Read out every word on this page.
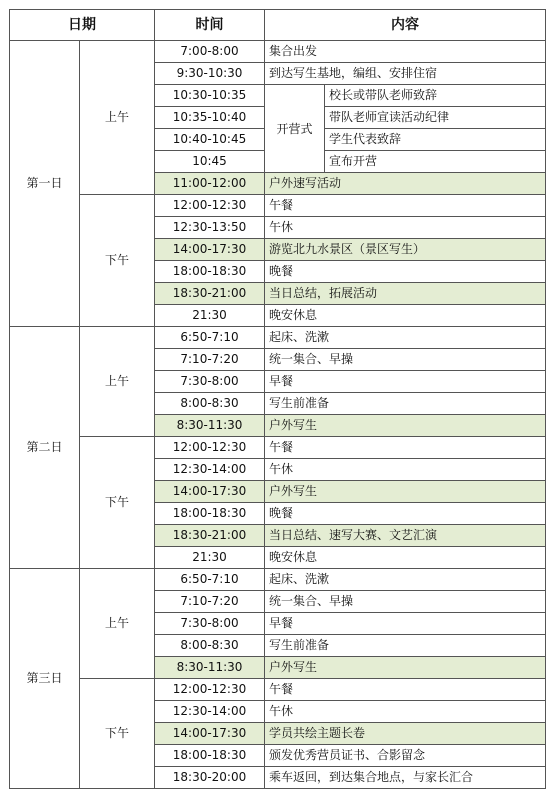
日期		时间	内容	
第一日	上午	7:00-8:00	集合出发	
		9:30-10:30	到达写生基地，编组、安排住宿	
		10:30-10:35	开营式	校长或带队老师致辞
		10:35-10:40		带队老师宣读活动纪律
		10:40-10:45		学生代表致辞
		10:45		宣布开营
		11:00-12:00	户外速写活动	
	下午	12:00-12:30	午餐	
		12:30-13:50	午休	
		14:00-17:30	游览北九水景区（景区写生）	
		18:00-18:30	晚餐	
		18:30-21:00	当日总结，拓展活动	
		21:30	晚安休息	
第二日	上午	6:50-7:10	起床、洗漱	
		7:10-7:20	统一集合、早操	
		7:30-8:00	早餐	
		8:00-8:30	写生前准备	
		8:30-11:30	户外写生	
	下午	12:00-12:30	午餐	
		12:30-14:00	午休	
		14:00-17:30	户外写生	
		18:00-18:30	晚餐	
		18:30-21:00	当日总结、速写大赛、文艺汇演	
		21:30	晚安休息	
第三日	上午	6:50-7:10	起床、洗漱	
		7:10-7:20	统一集合、早操	
		7:30-8:00	早餐	
		8:00-8:30	写生前准备	
		8:30-11:30	户外写生	
	下午	12:00-12:30	午餐	
		12:30-14:00	午休	
		14:00-17:30	学员共绘主题长卷	
		18:00-18:30	颁发优秀营员证书、合影留念	
		18:30-20:00	乘车返回，到达集合地点，与家长汇合	
